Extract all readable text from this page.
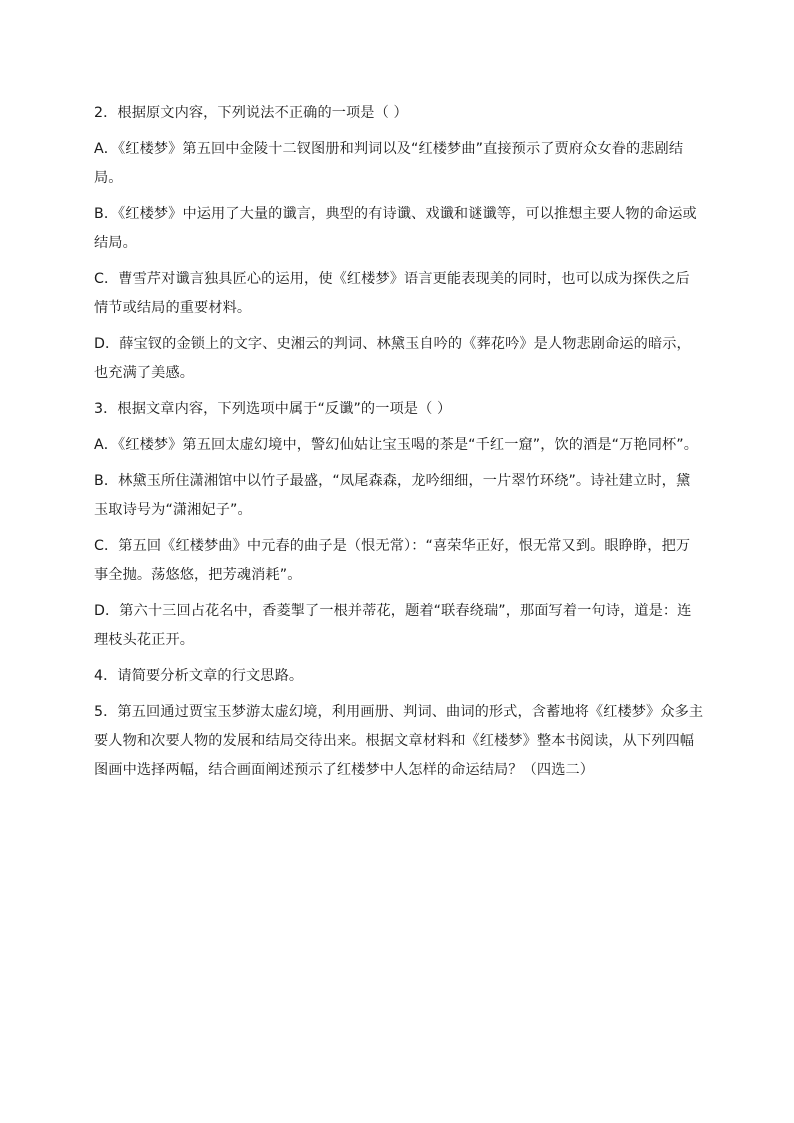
2．根据原文内容，下列说法不正确的一项是（ ）

A．《红楼梦》第五回中金陵十二钗图册和判词以及“红楼梦曲”直接预示了贾府众女眷的悲剧结局。

B．《红楼梦》中运用了大量的谶言，典型的有诗谶、戏谶和谜谶等，可以推想主要人物的命运或结局。

C．曹雪芹对谶言独具匠心的运用，使《红楼梦》语言更能表现美的同时，也可以成为探佚之后情节或结局的重要材料。

D．薛宝钗的金锁上的文字、史湘云的判词、林黛玉自吟的《葬花吟》是人物悲剧命运的暗示，也充满了美感。

3．根据文章内容，下列选项中属于“反谶”的一项是（ ）

A．《红楼梦》第五回太虚幻境中，警幻仙姑让宝玉喝的茶是“千红一窟”，饮的酒是“万艳同杯”。

B．林黛玉所住潇湘馆中以竹子最盛，“凤尾森森，龙吟细细，一片翠竹环绕”。诗社建立时，黛玉取诗号为“潇湘妃子”。

C．第五回《红楼梦曲》中元春的曲子是（恨无常）：“喜荣华正好，恨无常又到。眼睁睁，把万事全抛。荡悠悠，把芳魂消耗”。

D．第六十三回占花名中，香菱掣了一根并蒂花，题着“联春绕瑞”，那面写着一句诗，道是：连理枝头花正开。

4．请简要分析文章的行文思路。

5．第五回通过贾宝玉梦游太虚幻境，利用画册、判词、曲词的形式，含蓄地将《红楼梦》众多主要人物和次要人物的发展和结局交待出来。根据文章材料和《红楼梦》整本书阅读，从下列四幅图画中选择两幅，结合画面阐述预示了红楼梦中人怎样的命运结局？（四选二）
